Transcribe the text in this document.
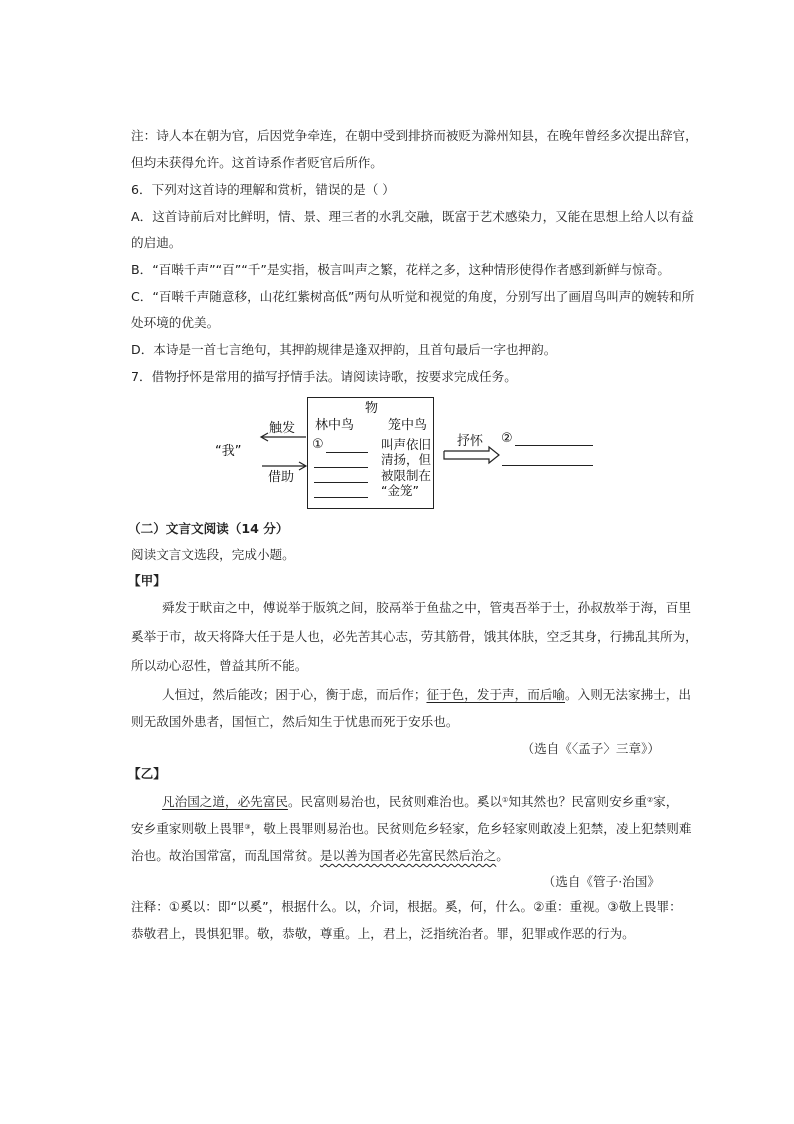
注：诗人本在朝为官，后因党争牵连，在朝中受到排挤而被贬为滁州知县，在晚年曾经多次提出辞官，
但均未获得允许。这首诗系作者贬官后所作。
6．下列对这首诗的理解和赏析，错误的是（ ）
A．这首诗前后对比鲜明，情、景、理三者的水乳交融，既富于艺术感染力，又能在思想上给人以有益
的启迪。
B．“百啭千声”“百”“千”是实指，极言叫声之繁，花样之多，这种情形使得作者感到新鲜与惊奇。
C．“百啭千声随意移，山花红紫树高低”两句从听觉和视觉的角度，分别写出了画眉鸟叫声的婉转和所
处环境的优美。
D．本诗是一首七言绝句，其押韵规律是逢双押韵，且首句最后一字也押韵。
7．借物抒怀是常用的描写抒情手法。请阅读诗歌，按要求完成任务。
物
林中鸟	笼中鸟
①	叫声依旧
清扬，但
被限制在
“金笼”
触发
借助
“我”
抒怀 ②
（二）文言文阅读（14 分）
阅读文言文选段，完成小题。
【甲】
舜发于畎亩之中，傅说举于版筑之间，胶鬲举于鱼盐之中，管夷吾举于士，孙叔敖举于海，百里
奚举于市，故天将降大任于是人也，必先苦其心志，劳其筋骨，饿其体肤，空乏其身，行拂乱其所为，
所以动心忍性，曾益其所不能。
人恒过，然后能改；困于心，衡于虑，而后作；征于色，发于声，而后喻。入则无法家拂士，出
则无敌国外患者，国恒亡，然后知生于忧患而死于安乐也。
（选自《〈孟子〉三章》）
【乙】
凡治国之道，必先富民。民富则易治也，民贫则难治也。奚以①知其然也？民富则安乡重②家，
安乡重家则敬上畏罪③，敬上畏罪则易治也。民贫则危乡轻家，危乡轻家则敢凌上犯禁，凌上犯禁则难
治也。故治国常富，而乱国常贫。是以善为国者必先富民然后治之。
（选自《管子·治国》
注释：①奚以：即“以奚”，根据什么。以，介词，根据。奚，何，什么。②重：重视。③敬上畏罪：
恭敬君上，畏惧犯罪。敬，恭敬，尊重。上，君上，泛指统治者。罪，犯罪或作恶的行为。
